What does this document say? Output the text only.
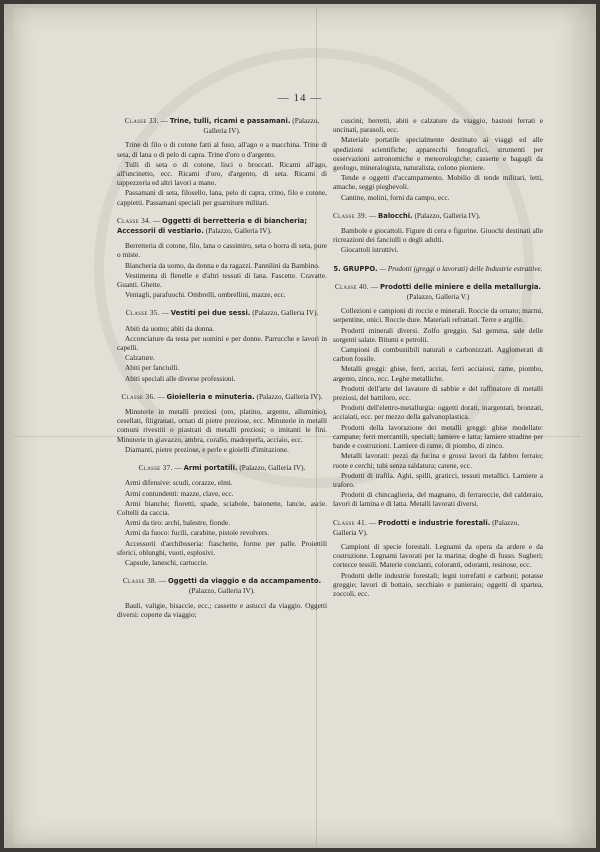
— 14 —
Classe 33. — Trine, tulli, ricami e passamani. (Palazzo, Galleria IV).
Trine di filo o di cotone fatti al fuso, all'ago o a macchina. Trine di seta, di lana o di pelo di capra. Trine d'oro o d'argento.
Tulli di seta o di cotone, lisci o broccati. Ricami all'ago, all'uncinetto, ecc. Ricami d'oro, d'argento, di seta. Ricami di tappezzeria ed altri lavori a mano.
Passamani di seta, filosello, lana, pelo di capra, crino, filo e cotone, cappietti. Passamani speciali per guarniture militari.
Classe 34. — Oggetti di berretteria e di biancheria; Accessorii di vestiario. (Palazzo, Galleria IV).
Berretteria di cotone, filo, lana o cassimiro, seta o borra di seta, pure o miste.
Biancheria da uomo, da donna e da ragazzi. Pannilini da Bambino.
Vestimenta di flenelle e d'altri tessuti di lana. Fascette. Cravatte. Guanti. Ghette.
Ventagli, parafuochi. Ombrelli, ombrellini, mazze, ecc.
Classe 35. — Vestiti pei due sessi. (Palazzo, Galleria IV).
Abiti da uomo; abiti da donna.
Acconciature da testa per uomini e per donne. Parrucche e lavori in capelli.
Calzature.
Abiti per fanciulli.
Abiti speciali alle diverse professioni.
Classe 36. — Gioielleria e minuteria. (Palazzo, Galleria IV).
Minuterie in metalli preziosi (oro, platino, argento, alluminio), cesellati, filigranati, ornati di pietre preziose, ecc. Minuterie in metalli comuni rivestiti o piastrati di metalli preziosi; o imitanti le fini. Minuterie in giavazzo, ambra, corallo, madreperla, acciaio, ecc.
Diamanti, pietre preziose, e perle e gioielli d'imitazione.
Classe 37. — Armi portatili. (Palazzo, Galleria IV).
Armi difensive: scudi, corazze, elmi.
Armi contundenti: mazze, clave, ecc.
Armi bianche; fioretti, spade, sciabole, baionette, lancie, ascie. Coltelli da caccia.
Armi da tiro: archi, balestre, fionde.
Armi da fuoco: fucili, carabine, pistole revolvers.
Accessorii d'archibuseria: fiaschette, forme per palle. Proiettili sferici, oblunghi, vuoti, esplosivi.
Capsule, laneschi, cartuccie.
Classe 38. — Oggetti da viaggio e da accampamento. (Palazzo, Galleria IV).
Bauli, valigie, bisaccie, ecc.; cassette e astucci da viaggio. Oggetti diversi: coperte da viaggio;
cuscini; berretti, abiti e calzature da viaggio, bastoni ferrati e uncinati, parasoli, ecc.
Materiale portatile specialmente destinato ai viaggi ed alle spedizioni scientifiche; apparecchi fotografici, strumenti per osservazioni astronomiche e meteorologiche; cassette e bagagli da geologo, mineralogista, naturalista, colono pioniere.
Tende e oggetti d'accampamento. Mobilio di tende militari, letti, amache, seggi pieghevoli.
Cantine, molini, forni da campo, ecc.
Classe 39. — Balocchi. (Palazzo, Galleria IV).
Bambole e giocattoli. Figure di cera e figurine. Giuochi destinati alle ricreazioni dei fanciulli o degli adulti.
Giocattoli istruttivi.
5. GRUPPO. — Prodotti (greggi o lavorati) delle Industrie estrattive.
Classe 40. — Prodotti delle miniere e della metallurgia. (Palazzo, Galleria V.)
Collezioni e campioni di roccie e minerali. Roccie da ornato; marmi, serpentine, onici. Roccie dure. Materiali refrattari. Terre e argille.
Prodotti minerali diversi. Zolfo greggio. Sal gemma, sale delle sorgenti salate. Bitumi e petrolii.
Campioni di combustibili naturali e carbonizzati. Agglomerati di carbon fossile.
Metalli greggi: ghise, ferri, acciai, ferri acciaiosi, rame, piombo, argento, zinco, ecc. Leghe metalliche.
Prodotti dell'arte del lavatore di sabbie e del raffinatore di metalli preziosi, del battiloro, ecc.
Prodotti dell'elettro-metallurgia: oggetti dorati, inargentati, bronzati, acciaiati, ecc. per mezzo della galvanoplastica.
Prodotti della lavorazione dei metalli greggi: ghise modellate: campane; ferri mercantili, speciali; lamiere e latta; lamiere stradine per bande e costruzioni. Lamiere di rame, di piombo, di zinco.
Metalli lavorati: pezzi da fucina e grossi lavori da fabbro ferraio; ruote e cerchi; tubi senza saldatura; catene, ecc.
Prodotti di trafila. Aghi, spilli, graticci, tessuti metallici. Lamiere a traforo.
Prodotti di chincaglieria, del magnano, di ferrareccie, del calderaio, lavori di lamina e di latta. Metalli lavorati diversi.
Classe 41. — Prodotti e industrie forestali. (Palazzo, Galleria V).
Campioni di specie forestali. Legnami da opera da ardere e da costruzione. Legnami lavorati per la marina; doghe di fusso. Sugheri; cortecce tessili. Materie concianti, coloranti, odoranti, resinose, ecc.
Prodotti delle industrie forestali; legni torrefatti e carboni; potasse greggie; lavori di bottaio, secchiaio e panieraio; oggetti di spartea, zoccoli, ecc.
